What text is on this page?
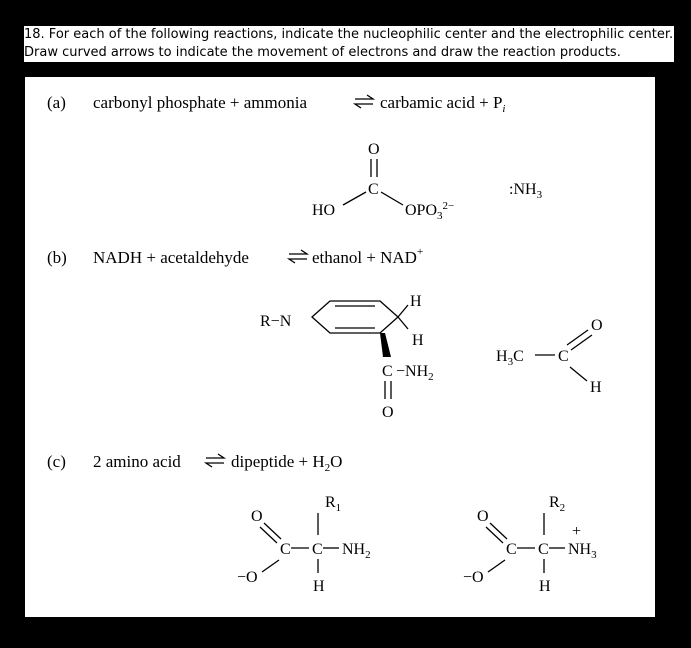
18. For each of the following reactions, indicate the nucleophilic center and the electrophilic center.
Draw curved arrows to indicate the movement of electrons and draw the reaction products.
(a) carbonyl phosphate + ammonia	carbamic acid + $P_i$
O
C
HO	$OPO_3^{2-}$
$:NH_3$
(b) NADH + acetaldehyde	ethanol + NAD+
R−N
H
H
$C -NH_2$
O
$H_3C$ C
O
H
(c) 2 amino acid	dipeptide + $H_2O$
O
C C $NH_2$
$R_1$
H
−O
O
C C $NH_3$
+
$R_2$
H
−O
